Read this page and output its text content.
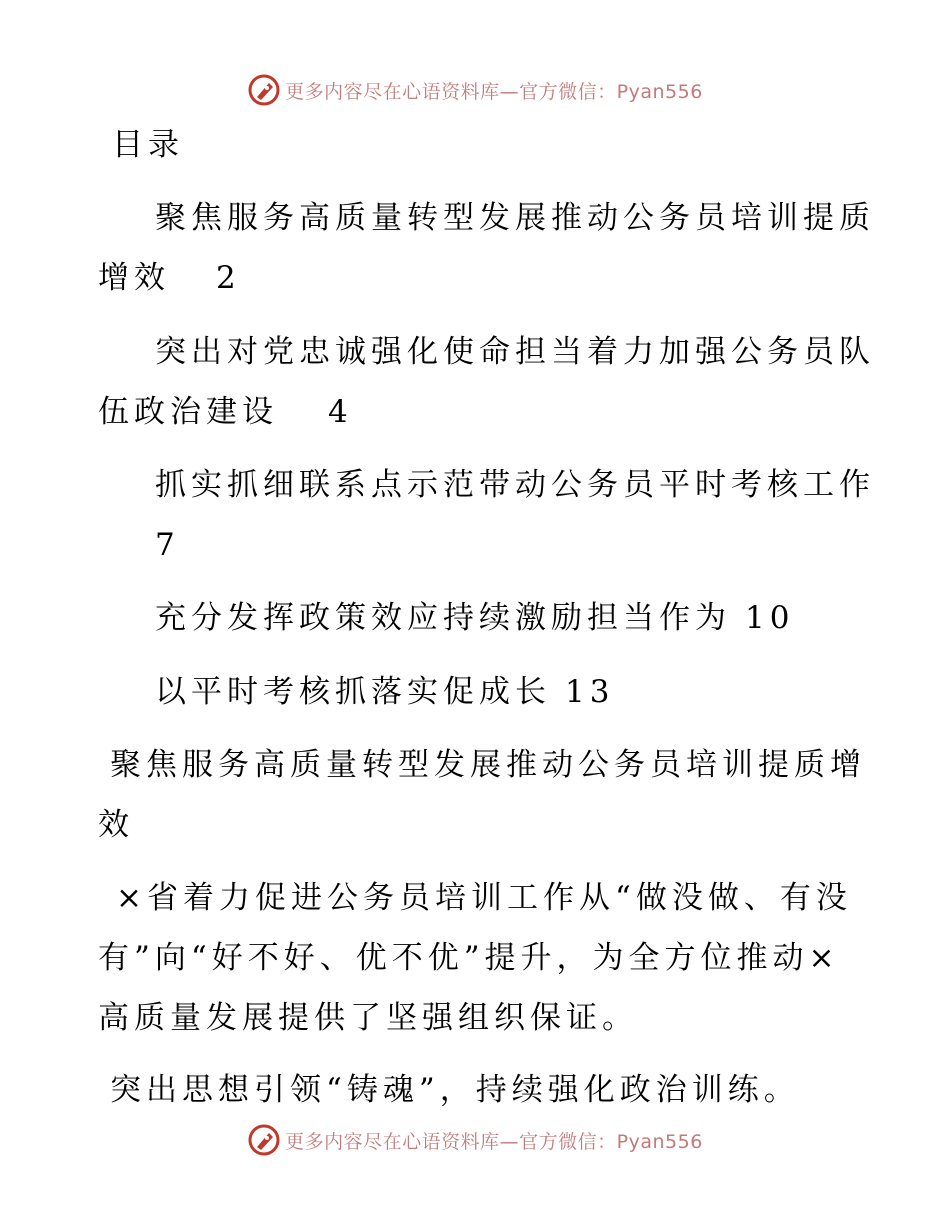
更多内容尽在心语资料库—官方微信：Pyan556
目录
聚焦服务高质量转型发展推动公务员培训提质
增效 2
突出对党忠诚强化使命担当着力加强公务员队
伍政治建设 4
抓实抓细联系点示范带动公务员平时考核工作
7
充分发挥政策效应持续激励担当作为 10
以平时考核抓落实促成长 13
聚焦服务高质量转型发展推动公务员培训提质增
效
×省着力促进公务员培训工作从“做没做、有没
有”向“好不好、优不优”提升，为全方位推动×
高质量发展提供了坚强组织保证。
突出思想引领“铸魂”，持续强化政治训练。
更多内容尽在心语资料库—官方微信：Pyan556
